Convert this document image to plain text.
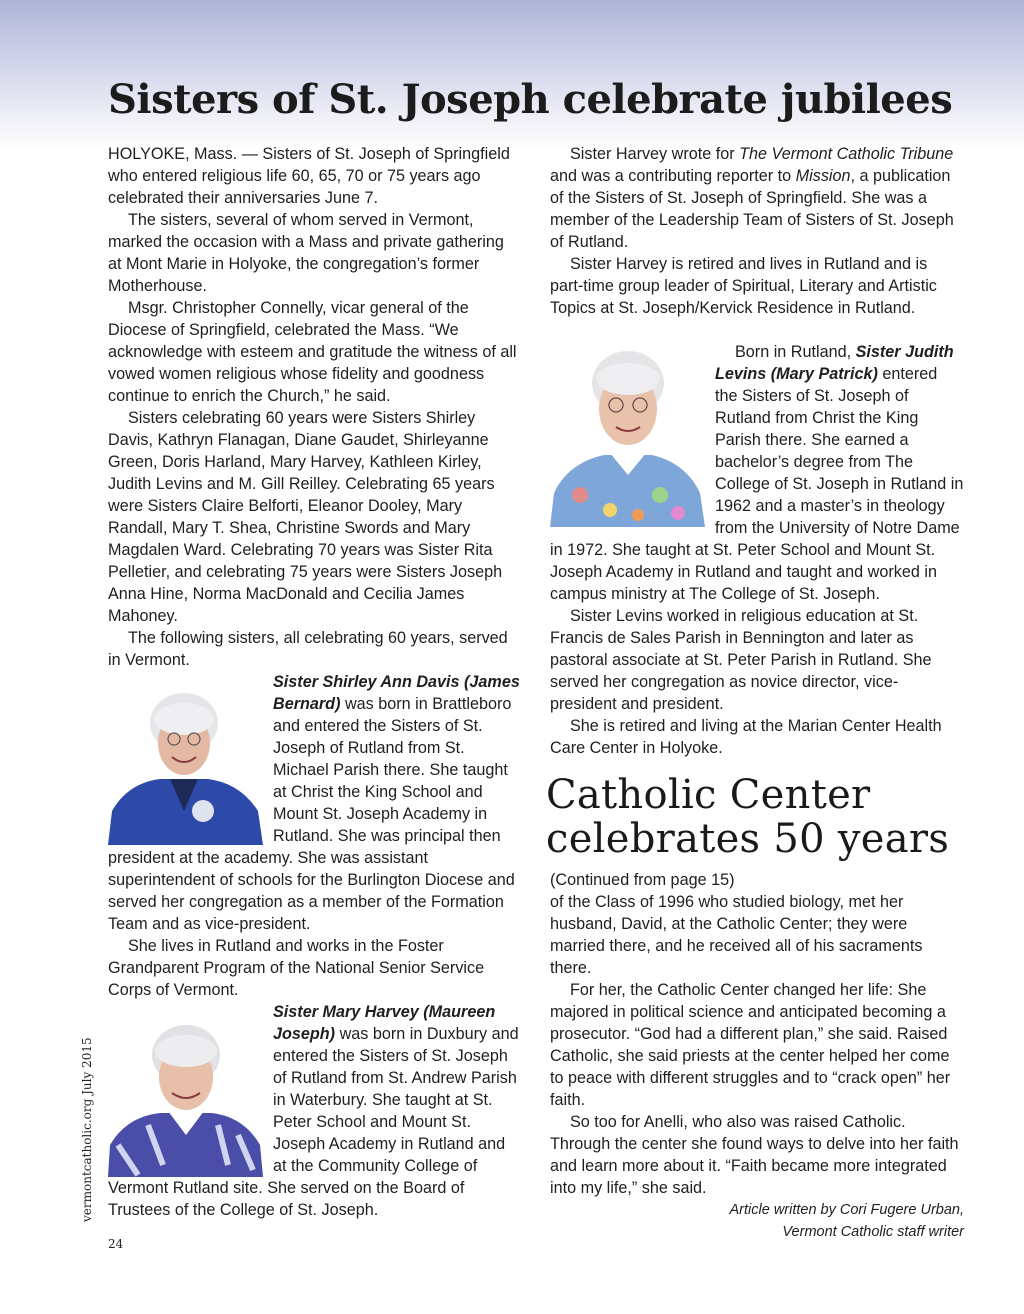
Sisters of St. Joseph celebrate jubilees

HOLYOKE, Mass. — Sisters of St. Joseph of Springfield who entered religious life 60, 65, 70 or 75 years ago celebrated their anniversaries June 7.

The sisters, several of whom served in Vermont, marked the occasion with a Mass and private gathering at Mont Marie in Holyoke, the congregation’s former Motherhouse.

Msgr. Christopher Connelly, vicar general of the Diocese of Springfield, celebrated the Mass. “We acknowledge with esteem and gratitude the witness of all vowed women religious whose fidelity and goodness continue to enrich the Church,” he said.

Sisters celebrating 60 years were Sisters Shirley Davis, Kathryn Flanagan, Diane Gaudet, Shirleyanne Green, Doris Harland, Mary Harvey, Kathleen Kirley, Judith Levins and M. Gill Reilley. Celebrating 65 years were Sisters Claire Belforti, Eleanor Dooley, Mary Randall, Mary T. Shea, Christine Swords and Mary Magdalen Ward. Celebrating 70 years was Sister Rita Pelletier, and celebrating 75 years were Sisters Joseph Anna Hine, Norma MacDonald and Cecilia James Mahoney.

The following sisters, all celebrating 60 years, served in Vermont.

Sister Shirley Ann Davis (James Bernard) was born in Brattleboro and entered the Sisters of St. Joseph of Rutland from St. Michael Parish there. She taught at Christ the King School and Mount St. Joseph Academy in Rutland. She was principal then president at the academy. She was assistant superintendent of schools for the Burlington Diocese and served her congregation as a member of the Formation Team and as vice-president.

She lives in Rutland and works in the Foster Grandparent Program of the National Senior Service Corps of Vermont.

Sister Mary Harvey (Maureen Joseph) was born in Duxbury and entered the Sisters of St. Joseph of Rutland from St. Andrew Parish in Waterbury. She taught at St. Peter School and Mount St. Joseph Academy in Rutland and at the Community College of Vermont Rutland site. She served on the Board of Trustees of the College of St. Joseph.

Sister Harvey wrote for The Vermont Catholic Tribune and was a contributing reporter to Mission, a publication of the Sisters of St. Joseph of Springfield. She was a member of the Leadership Team of Sisters of St. Joseph of Rutland.

Sister Harvey is retired and lives in Rutland and is part-time group leader of Spiritual, Literary and Artistic Topics at St. Joseph/Kervick Residence in Rutland.

Born in Rutland, Sister Judith Levins (Mary Patrick) entered the Sisters of St. Joseph of Rutland from Christ the King Parish there. She earned a bachelor’s degree from The College of St. Joseph in Rutland in 1962 and a master’s in theology from the University of Notre Dame in 1972. She taught at St. Peter School and Mount St. Joseph Academy in Rutland and taught and worked in campus ministry at The College of St. Joseph.

Sister Levins worked in religious education at St. Francis de Sales Parish in Bennington and later as pastoral associate at St. Peter Parish in Rutland. She served her congregation as novice director, vice-president and president.

She is retired and living at the Marian Center Health Care Center in Holyoke.

Catholic Center celebrates 50 years

(Continued from page 15)

of the Class of 1996 who studied biology, met her husband, David, at the Catholic Center; they were married there, and he received all of his sacraments there.

For her, the Catholic Center changed her life: She majored in political science and anticipated becoming a prosecutor. “God had a different plan,” she said. Raised Catholic, she said priests at the center helped her come to peace with different struggles and to “crack open” her faith.

So too for Anelli, who also was raised Catholic. Through the center she found ways to delve into her faith and learn more about it. “Faith became more integrated into my life,” she said.

Article written by Cori Fugere Urban,
Vermont Catholic staff writer
vermontcatholic.org July 2015
24
